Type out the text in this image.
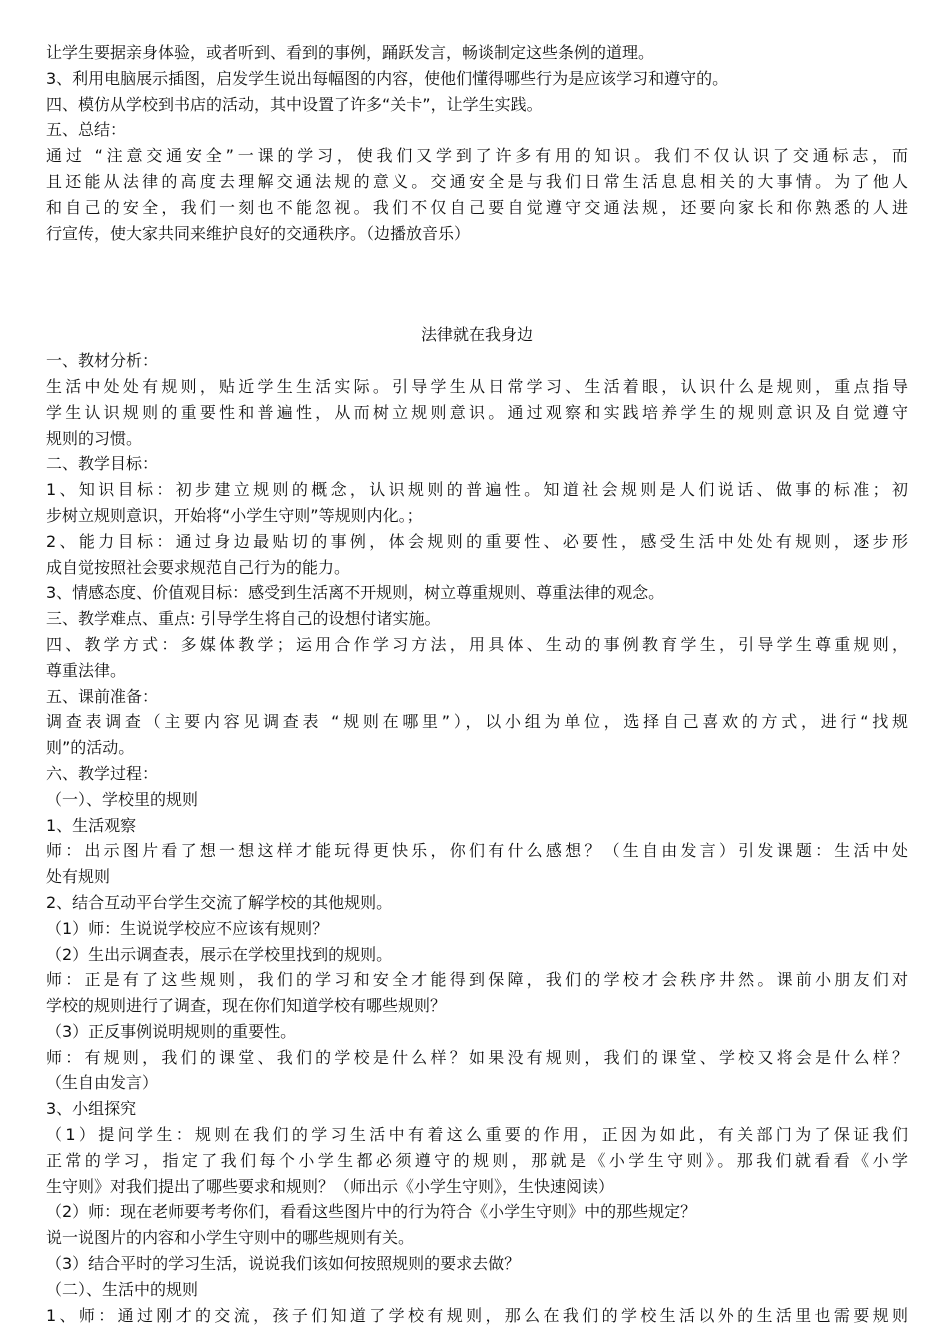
让学生要据亲身体验，或者听到、看到的事例，踊跃发言，畅谈制定这些条例的道理。
3、利用电脑展示插图，启发学生说出每幅图的内容，使他们懂得哪些行为是应该学习和遵守的。
四、模仿从学校到书店的活动，其中设置了许多“关卡”，让学生实践。
五、总结：
通过 “注意交通安全”一课的学习，使我们又学到了许多有用的知识。我们不仅认识了交通标志，而
且还能从法律的高度去理解交通法规的意义。交通安全是与我们日常生活息息相关的大事情。为了他人
和自己的安全，我们一刻也不能忽视。我们不仅自己要自觉遵守交通法规，还要向家长和你熟悉的人进
行宣传，使大家共同来维护良好的交通秩序。（边播放音乐）
法律就在我身边
一、教材分析：
生活中处处有规则，贴近学生生活实际。引导学生从日常学习、生活着眼，认识什么是规则，重点指导
学生认识规则的重要性和普遍性，从而树立规则意识。通过观察和实践培养学生的规则意识及自觉遵守
规则的习惯。
二、教学目标：
1、知识目标：初步建立规则的概念，认识规则的普遍性。知道社会规则是人们说话、做事的标准；初
步树立规则意识，开始将“小学生守则”等规则内化。；
2、能力目标：通过身边最贴切的事例，体会规则的重要性、必要性，感受生活中处处有规则，逐步形
成自觉按照社会要求规范自己行为的能力。
3、情感态度、价值观目标：感受到生活离不开规则，树立尊重规则、尊重法律的观念。
三、教学难点、重点: 引导学生将自己的设想付诸实施。
四、教学方式：多媒体教学；运用合作学习方法，用具体、生动的事例教育学生，引导学生尊重规则，
尊重法律。
五、课前准备：
调查表调查（主要内容见调查表 “规则在哪里”），以小组为单位，选择自己喜欢的方式，进行“找规
则”的活动。
六、教学过程：
（一）、学校里的规则
1、生活观察
师：出示图片看了想一想这样才能玩得更快乐，你们有什么感想？（生自由发言）引发课题：生活中处
处有规则
2、结合互动平台学生交流了解学校的其他规则。
（1）师：生说说学校应不应该有规则？
（2）生出示调查表，展示在学校里找到的规则。
师：正是有了这些规则，我们的学习和安全才能得到保障，我们的学校才会秩序井然。课前小朋友们对
学校的规则进行了调查，现在你们知道学校有哪些规则？
（3）正反事例说明规则的重要性。
师：有规则，我们的课堂、我们的学校是什么样？如果没有规则，我们的课堂、学校又将会是什么样？
（生自由发言）
3、小组探究
（1）提问学生：规则在我们的学习生活中有着这么重要的作用，正因为如此，有关部门为了保证我们
正常的学习，指定了我们每个小学生都必须遵守的规则，那就是《小学生守则》。那我们就看看《小学
生守则》对我们提出了哪些要求和规则？（师出示《小学生守则》，生快速阅读）
（2）师：现在老师要考考你们，看看这些图片中的行为符合《小学生守则》中的那些规定？
说一说图片的内容和小学生守则中的哪些规则有关。
（3）结合平时的学习生活，说说我们该如何按照规则的要求去做？
（二）、生活中的规则
1、师：通过刚才的交流，孩子们知道了学校有规则，那么在我们的学校生活以外的生活里也需要规则
